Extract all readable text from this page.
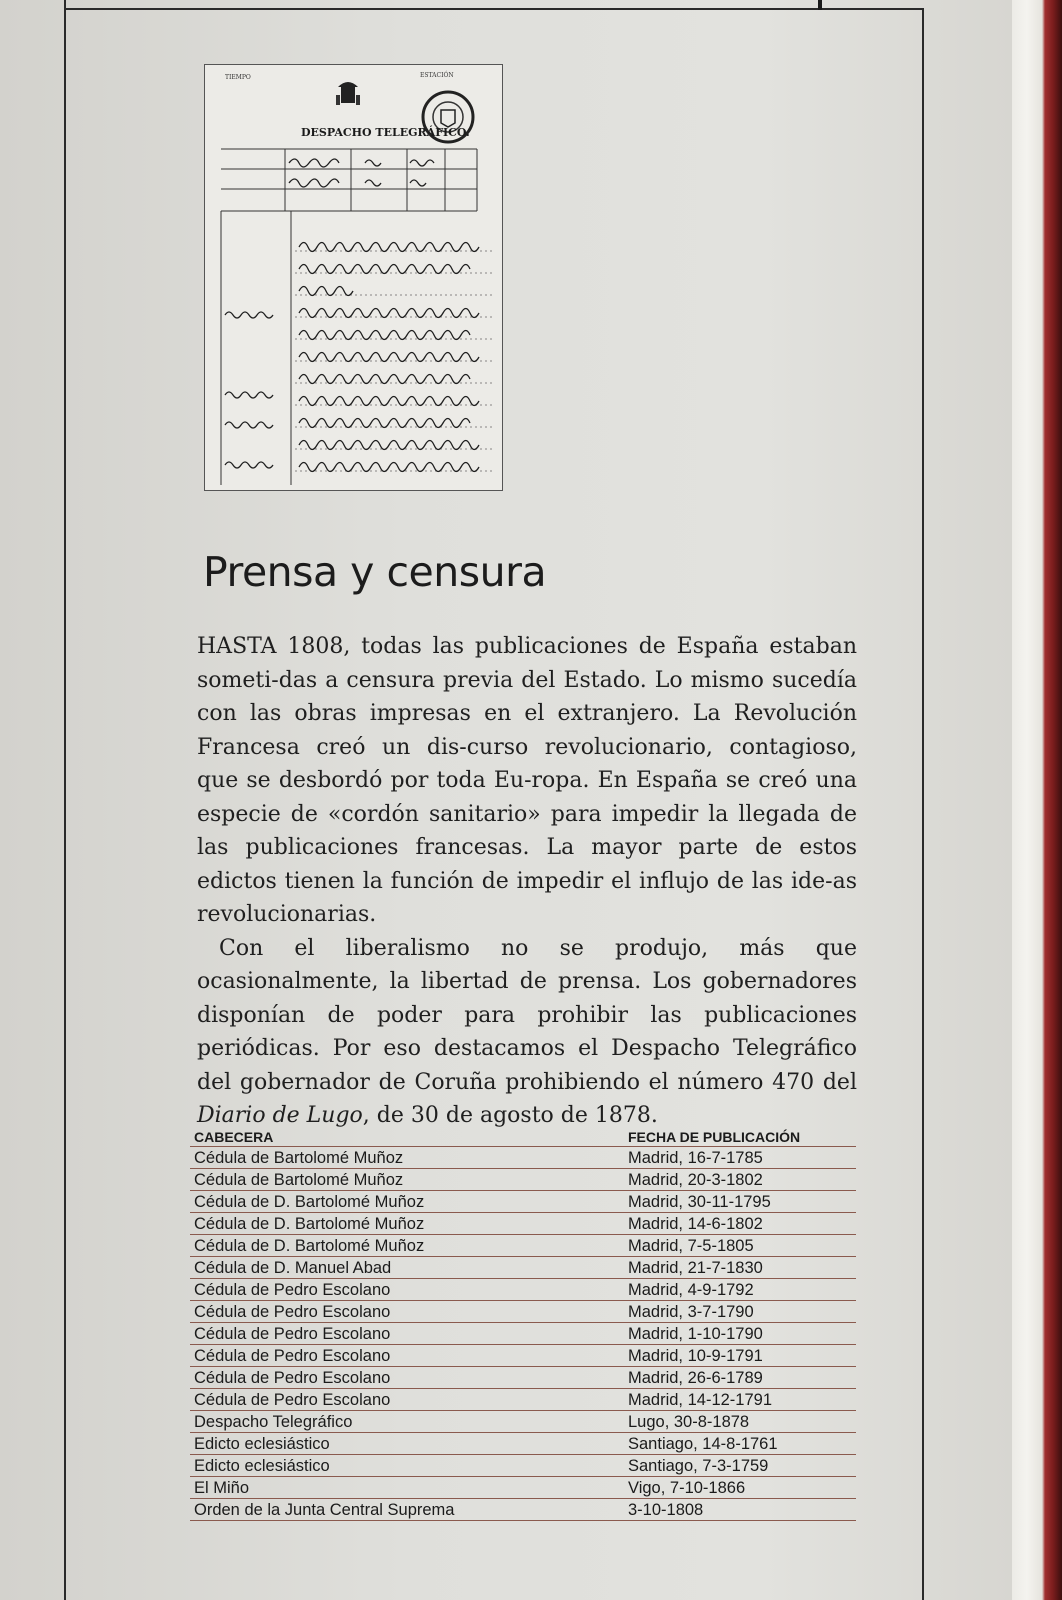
TIEMPO	ESTACIÓN
DESPACHO TELEGRÁFICO.
Prensa y censura

HASTA 1808, todas las publicaciones de España estaban someti-das a censura previa del Estado. Lo mismo sucedía con las obras impresas en el extranjero. La Revolución Francesa creó un dis-curso revolucionario, contagioso, que se desbordó por toda Eu-ropa. En España se creó una especie de «cordón sanitario» para impedir la llegada de las publicaciones francesas. La mayor parte de estos edictos tienen la función de impedir el influjo de las ide-as revolucionarias.

Con el liberalismo no se produjo, más que ocasionalmente, la libertad de prensa. Los gobernadores disponían de poder para prohibir las publicaciones periódicas. Por eso destacamos el Despacho Telegráfico del gobernador de Coruña prohibiendo el número 470 del Diario de Lugo, de 30 de agosto de 1878.

CABECERA	FECHA DE PUBLICACIÓN
Cédula de Bartolomé Muñoz	Madrid, 16-7-1785
Cédula de Bartolomé Muñoz	Madrid, 20-3-1802
Cédula de D. Bartolomé Muñoz	Madrid, 30-11-1795
Cédula de D. Bartolomé Muñoz	Madrid, 14-6-1802
Cédula de D. Bartolomé Muñoz	Madrid, 7-5-1805
Cédula de D. Manuel Abad	Madrid, 21-7-1830
Cédula de Pedro Escolano	Madrid, 4-9-1792
Cédula de Pedro Escolano	Madrid, 3-7-1790
Cédula de Pedro Escolano	Madrid, 1-10-1790
Cédula de Pedro Escolano	Madrid, 10-9-1791
Cédula de Pedro Escolano	Madrid, 26-6-1789
Cédula de Pedro Escolano	Madrid, 14-12-1791
Despacho Telegráfico	Lugo, 30-8-1878
Edicto eclesiástico	Santiago, 14-8-1761
Edicto eclesiástico	Santiago, 7-3-1759
El Miño	Vigo, 7-10-1866
Orden de la Junta Central Suprema	3-10-1808
